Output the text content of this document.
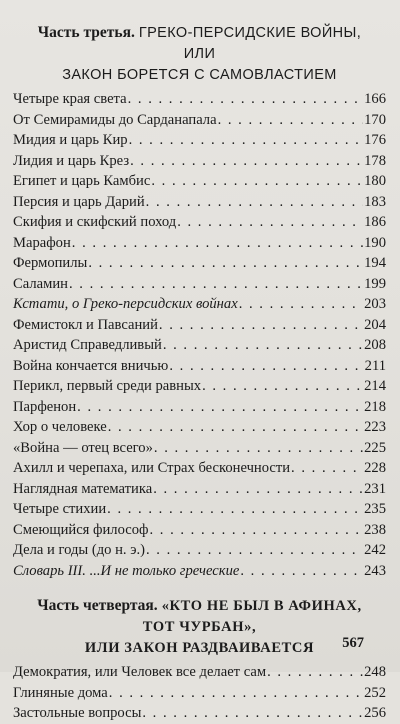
Часть третья. ГРЕКО-ПЕРСИДСКИЕ ВОЙНЫ,
ИЛИ
ЗАКОН БОРЕТСЯ С САМОВЛАСТИЕМ
Четыре края света . . .	166
От Семирамиды до Сарданапала . . .	170
Мидия и царь Кир . . .	176
Лидия и царь Крез . . .	178
Египет и царь Камбис . . .	180
Персия и царь Дарий . . .	183
Скифия и скифский поход . . .	186
Марафон . . .	190
Фермопилы . . .	194
Саламин . . .	199
Кстати, о Греко-персидских войнах . . .	203
Фемистокл и Павсаний . . .	204
Аристид Справедливый . . .	208
Война кончается вничью . . .	211
Перикл, первый среди равных . . .	214
Парфенон . . .	218
Хор о человеке . . .	223
«Война — отец всего» . . .	225
Ахилл и черепаха, или Страх бесконечности . . .	228
Наглядная математика . . .	231
Четыре стихии . . .	235
Смеющийся философ . . .	238
Дела и годы (до н. э.) . . .	242
Словарь III. ...И не только греческие . . .	243
Часть четвертая. «КТО НЕ БЫЛ В АФИНАХ,
ТОТ ЧУРБАН»,
ИЛИ ЗАКОН РАЗДВАИВАЕТСЯ
Демократия, или Человек все делает сам . . .	248
Глиняные дома . . .	252
Застольные вопросы . . .	256
567
